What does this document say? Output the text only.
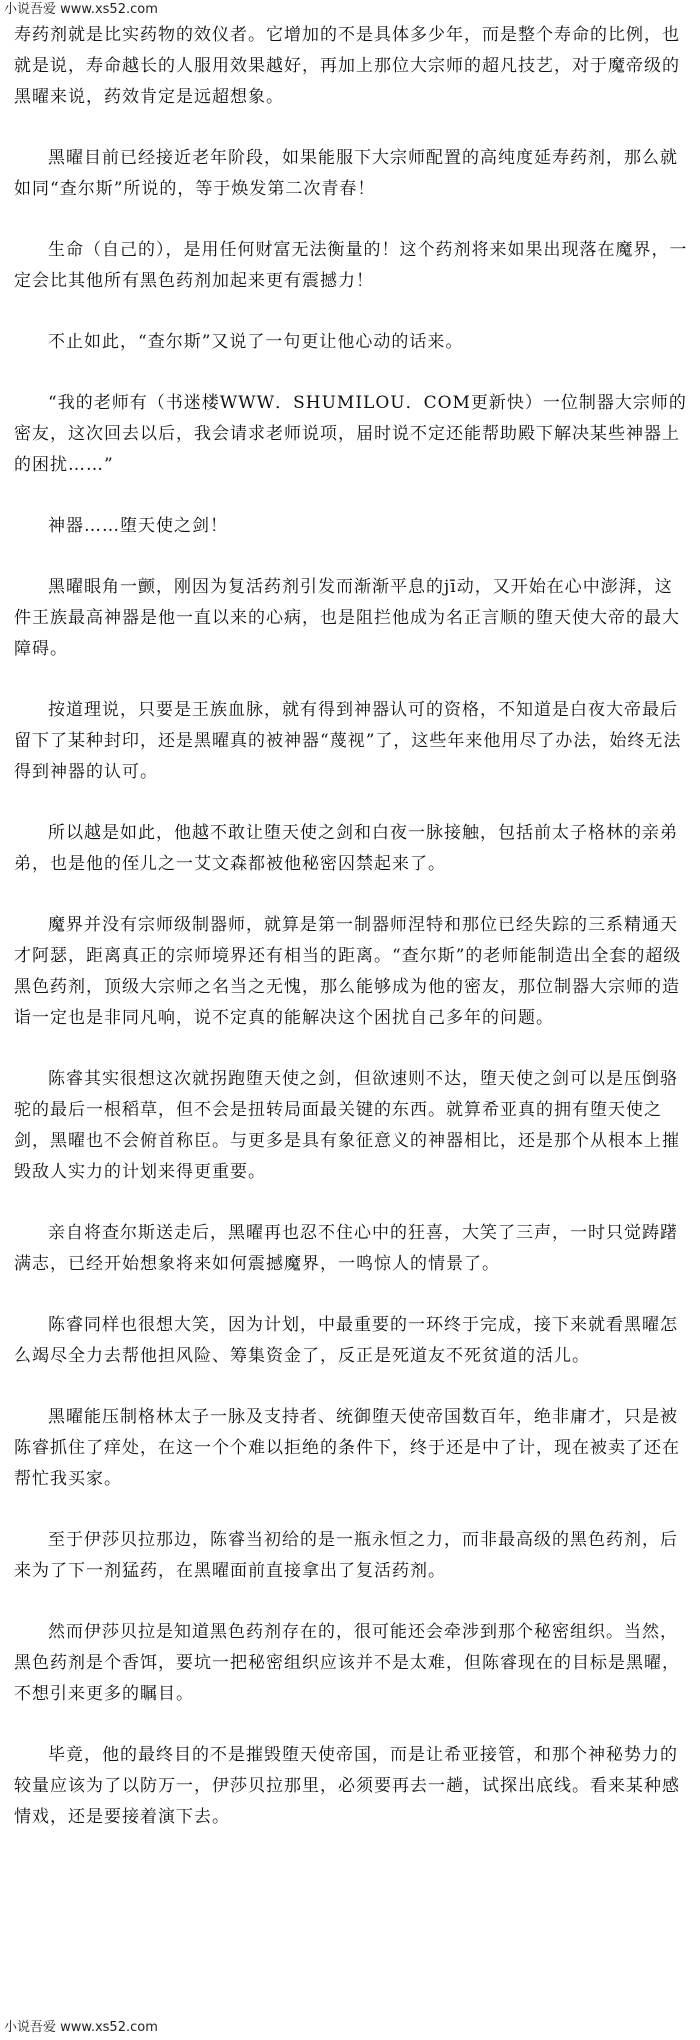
小说吾爱 www.xs52.com

寿药剂就是比实药物的效仪者。它增加的不是具体多少年，而是整个寿命的比例，也就是说，寿命越长的人服用效果越好，再加上那位大宗师的超凡技艺，对于魔帝级的黑曜来说，药效肯定是远超想象。

黑曜目前已经接近老年阶段，如果能服下大宗师配置的高纯度延寿药剂，那么就如同“查尔斯”所说的，等于焕发第二次青春！

生命（自己的），是用任何财富无法衡量的！这个药剂将来如果出现落在魔界，一定会比其他所有黑色药剂加起来更有震撼力！

不止如此，“查尔斯”又说了一句更让他心动的话来。

“我的老师有（书迷楼WWW．SHUMILOU．COM更新快）一位制器大宗师的密友，这次回去以后，我会请求老师说项，届时说不定还能帮助殿下解决某些神器上的困扰……”

神器……堕天使之剑！

黑曜眼角一颤，刚因为复活药剂引发而渐渐平息的jī动，又开始在心中澎湃，这件王族最高神器是他一直以来的心病，也是阻拦他成为名正言顺的堕天使大帝的最大障碍。

按道理说，只要是王族血脉，就有得到神器认可的资格，不知道是白夜大帝最后留下了某种封印，还是黑曜真的被神器“蔑视”了，这些年来他用尽了办法，始终无法得到神器的认可。

所以越是如此，他越不敢让堕天使之剑和白夜一脉接触，包括前太子格林的亲弟弟，也是他的侄儿之一艾文森都被他秘密囚禁起来了。

魔界并没有宗师级制器师，就算是第一制器师涅特和那位已经失踪的三系精通天才阿瑟，距离真正的宗师境界还有相当的距离。“查尔斯”的老师能制造出全套的超级黑色药剂，顶级大宗师之名当之无愧，那么能够成为他的密友，那位制器大宗师的造诣一定也是非同凡响，说不定真的能解决这个困扰自己多年的问题。

陈睿其实很想这次就拐跑堕天使之剑，但欲速则不达，堕天使之剑可以是压倒骆驼的最后一根稻草，但不会是扭转局面最关键的东西。就算希亚真的拥有堕天使之剑，黑曜也不会俯首称臣。与更多是具有象征意义的神器相比，还是那个从根本上摧毁敌人实力的计划来得更重要。

亲自将查尔斯送走后，黑曜再也忍不住心中的狂喜，大笑了三声，一时只觉踌躇满志，已经开始想象将来如何震撼魔界，一鸣惊人的情景了。

陈睿同样也很想大笑，因为计划，中最重要的一环终于完成，接下来就看黑曜怎么竭尽全力去帮他担风险、筹集资金了，反正是死道友不死贫道的活儿。

黑曜能压制格林太子一脉及支持者、统御堕天使帝国数百年，绝非庸才，只是被陈睿抓住了痒处，在这一个个难以拒绝的条件下，终于还是中了计，现在被卖了还在帮忙我买家。

至于伊莎贝拉那边，陈睿当初给的是一瓶永恒之力，而非最高级的黑色药剂，后来为了下一剂猛药，在黑曜面前直接拿出了复活药剂。

然而伊莎贝拉是知道黑色药剂存在的，很可能还会牵涉到那个秘密组织。当然，黑色药剂是个香饵，要坑一把秘密组织应该并不是太难，但陈睿现在的目标是黑曜，不想引来更多的瞩目。

毕竟，他的最终目的不是摧毁堕天使帝国，而是让希亚接管，和那个神秘势力的较量应该为了以防万一，伊莎贝拉那里，必须要再去一趟，试探出底线。看来某种感情戏，还是要接着演下去。

小说吾爱 www.xs52.com
